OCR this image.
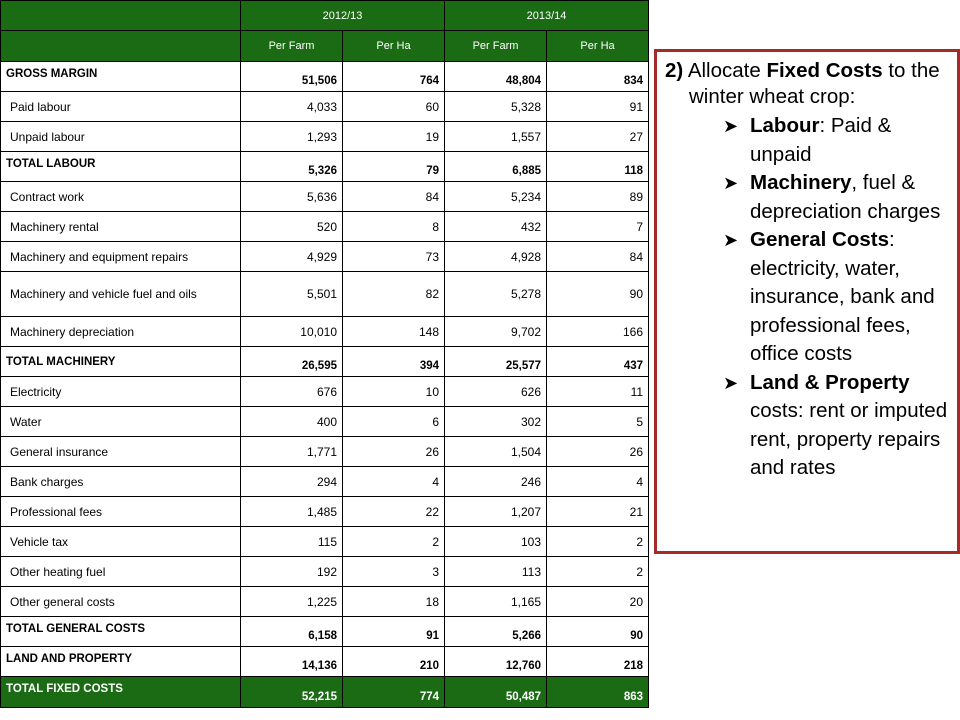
	2012/13		2013/14	
	Per Farm	Per Ha	Per Farm	Per Ha
GROSS MARGIN	51,506	764	48,804	834
Paid labour	4,033	60	5,328	91
Unpaid labour	1,293	19	1,557	27
TOTAL LABOUR	5,326	79	6,885	118
Contract work	5,636	84	5,234	89
Machinery rental	520	8	432	7
Machinery and equipment repairs	4,929	73	4,928	84
Machinery and vehicle fuel and oils	5,501	82	5,278	90
Machinery depreciation	10,010	148	9,702	166
TOTAL MACHINERY	26,595	394	25,577	437
Electricity	676	10	626	11
Water	400	6	302	5
General insurance	1,771	26	1,504	26
Bank charges	294	4	246	4
Professional fees	1,485	22	1,207	21
Vehicle tax	115	2	103	2
Other heating fuel	192	3	113	2
Other general costs	1,225	18	1,165	20
TOTAL GENERAL COSTS	6,158	91	5,266	90
LAND AND PROPERTY	14,136	210	12,760	218
TOTAL FIXED COSTS	52,215	774	50,487	863

2) Allocate Fixed Costs to the winter wheat crop:

➤ Labour: Paid & unpaid
➤ Machinery, fuel & depreciation charges
➤ General Costs: electricity, water, insurance, bank and professional fees, office costs
➤ Land & Property costs: rent or imputed rent, property repairs and rates
